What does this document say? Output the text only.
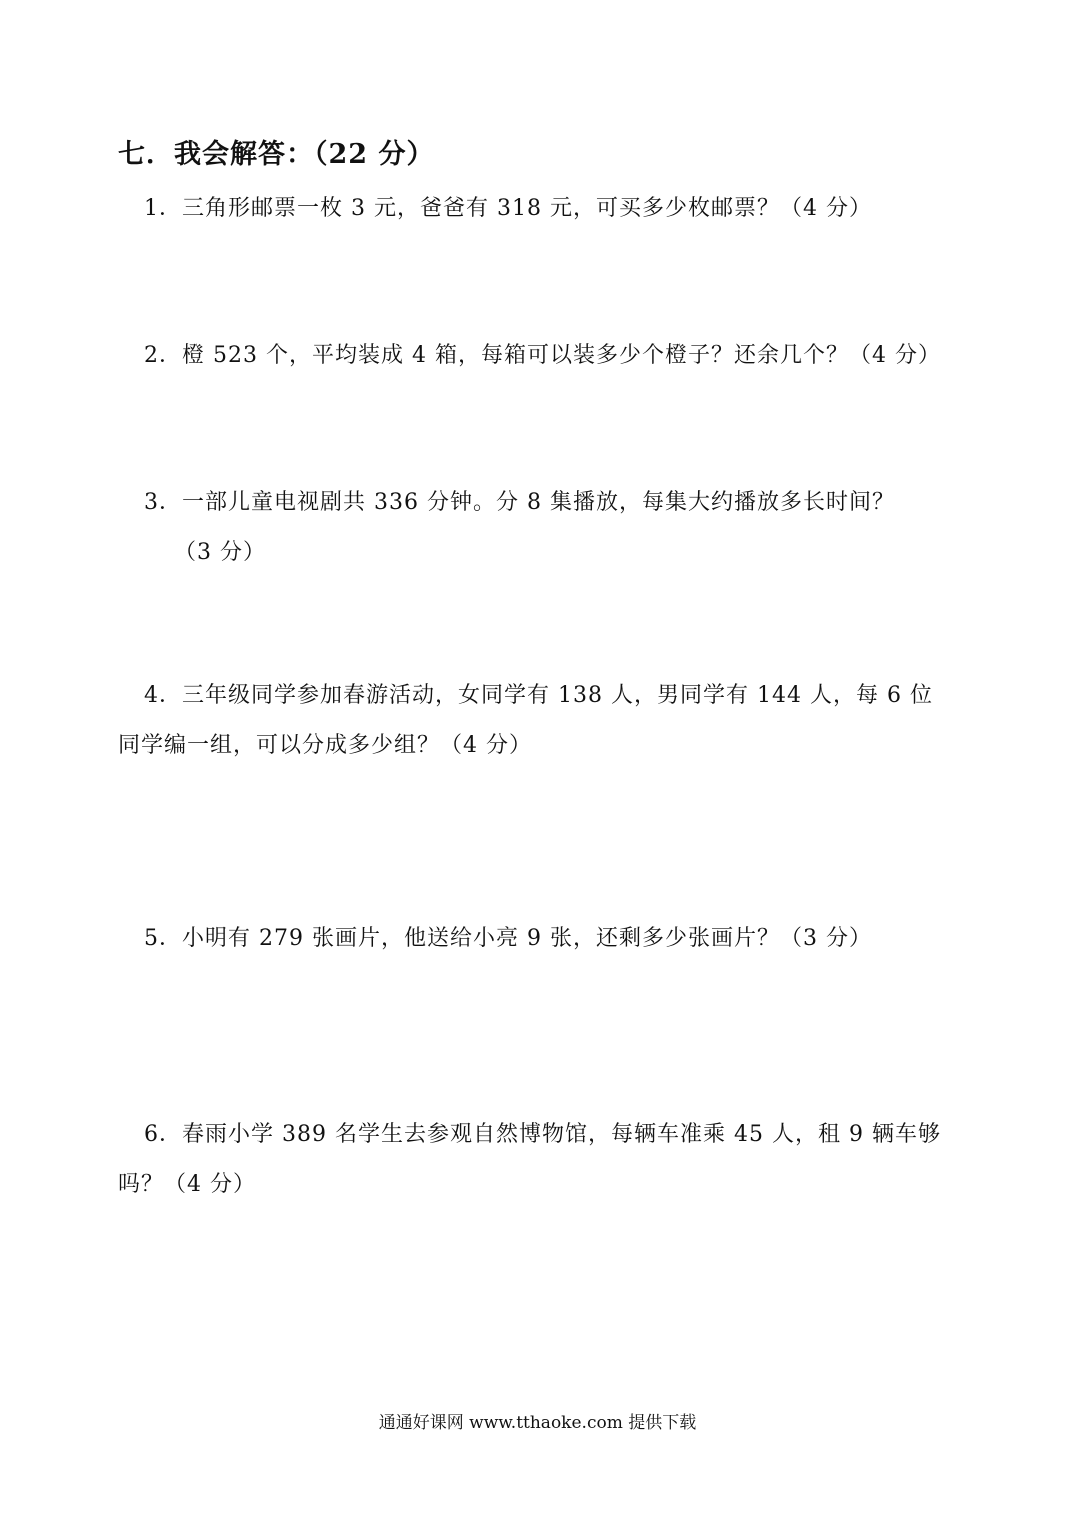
七．我会解答：（22 分）
1．三角形邮票一枚 3 元，爸爸有 318 元，可买多少枚邮票？（4 分）
2．橙 523 个，平均装成 4 箱，每箱可以装多少个橙子？还余几个？（4 分）
3．一部儿童电视剧共 336 分钟。分 8 集播放，每集大约播放多长时间？
（3 分）
4．三年级同学参加春游活动，女同学有 138 人，男同学有 144 人，每 6 位
同学编一组，可以分成多少组？（4 分）
5．小明有 279 张画片，他送给小亮 9 张，还剩多少张画片？（3 分）
6．春雨小学 389 名学生去参观自然博物馆，每辆车准乘 45 人，租 9 辆车够
吗？（4 分）
通通好课网 www.tthaoke.com 提供下载
